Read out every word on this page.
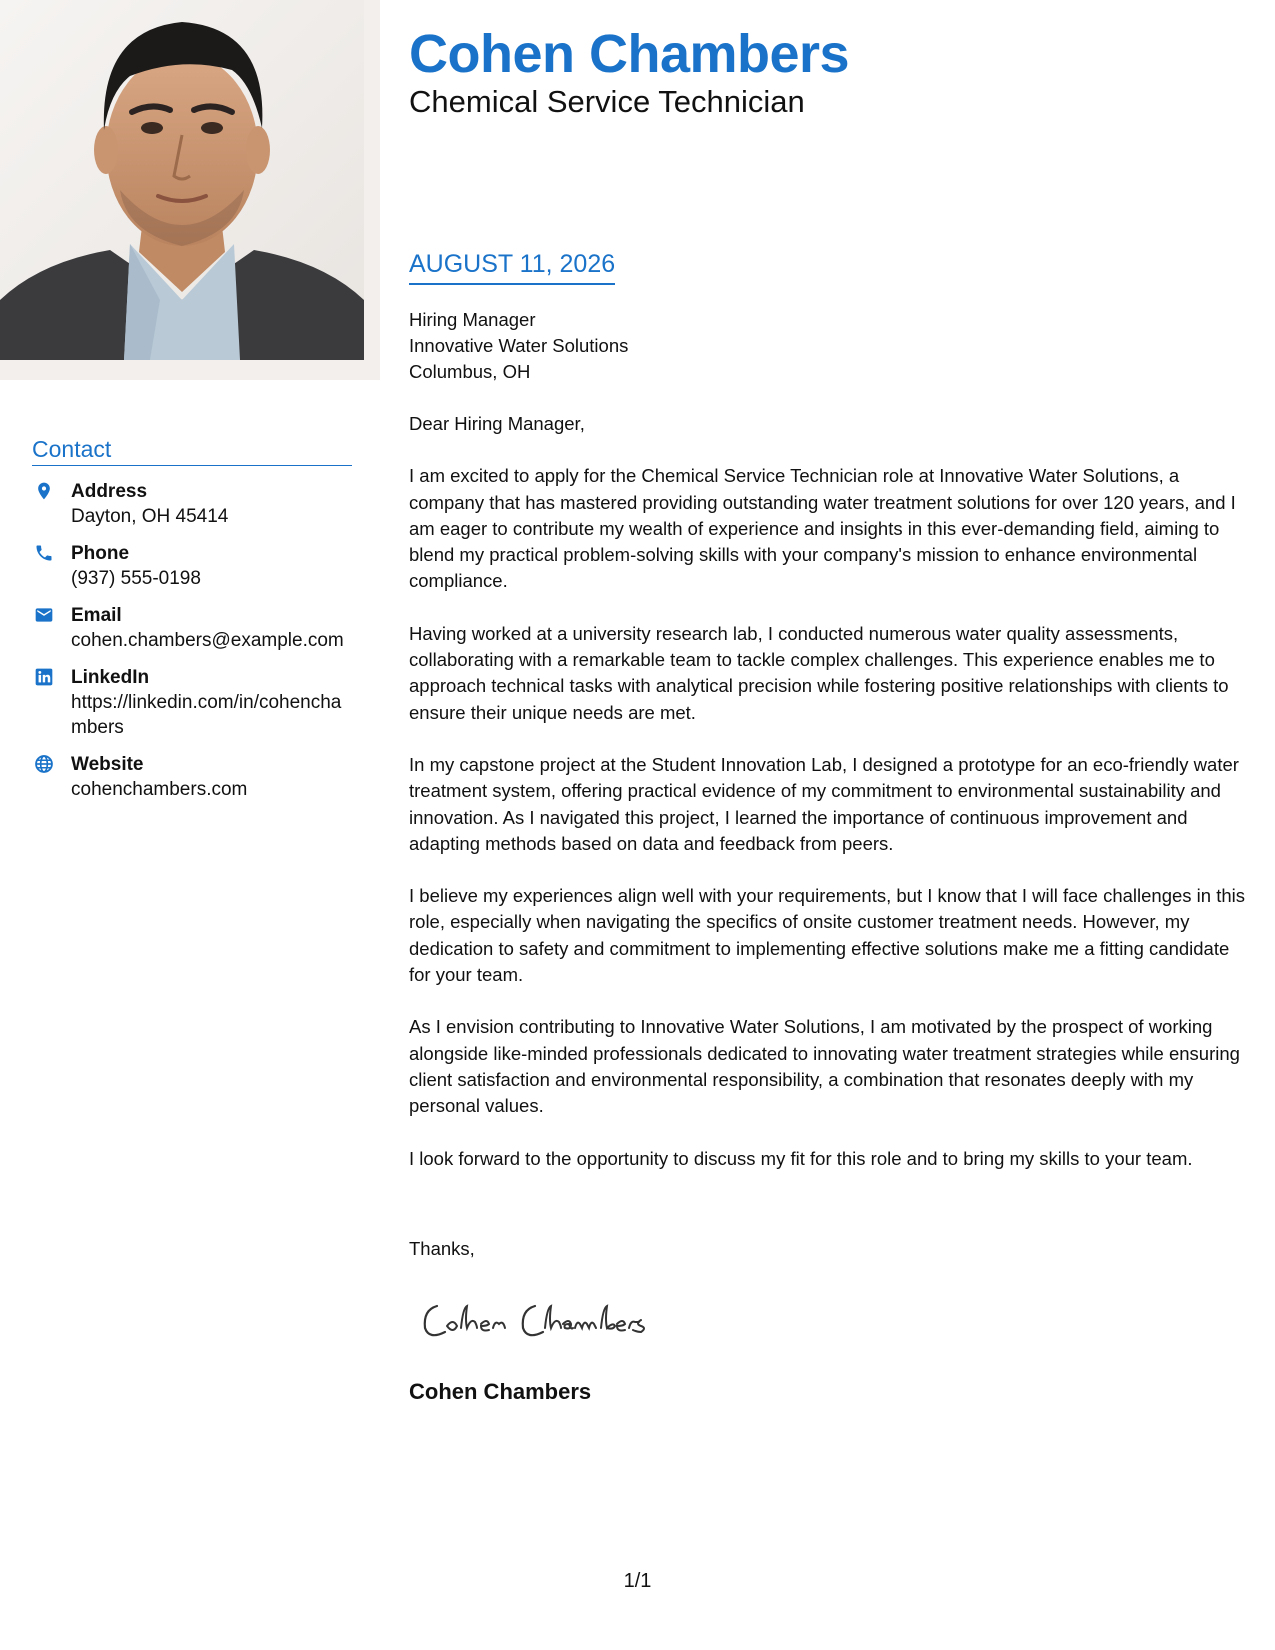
Contact
Address
Dayton, OH 45414
Phone
(937) 555-0198
Email
cohen.chambers@example.com
LinkedIn
https://linkedin.com/in/cohenchambers
Website
cohenchambers.com
Cohen Chambers
Chemical Service Technician
AUGUST 11, 2026
Hiring Manager
Innovative Water Solutions
Columbus, OH

Dear Hiring Manager,

I am excited to apply for the Chemical Service Technician role at Innovative Water Solutions, a company that has mastered providing outstanding water treatment solutions for over 120 years, and I am eager to contribute my wealth of experience and insights in this ever-demanding field, aiming to blend my practical problem-solving skills with your company's mission to enhance environmental compliance.

Having worked at a university research lab, I conducted numerous water quality assessments, collaborating with a remarkable team to tackle complex challenges. This experience enables me to approach technical tasks with analytical precision while fostering positive relationships with clients to ensure their unique needs are met.

In my capstone project at the Student Innovation Lab, I designed a prototype for an eco-friendly water treatment system, offering practical evidence of my commitment to environmental sustainability and innovation. As I navigated this project, I learned the importance of continuous improvement and adapting methods based on data and feedback from peers.

I believe my experiences align well with your requirements, but I know that I will face challenges in this role, especially when navigating the specifics of onsite customer treatment needs. However, my dedication to safety and commitment to implementing effective solutions make me a fitting candidate for your team.

As I envision contributing to Innovative Water Solutions, I am motivated by the prospect of working alongside like-minded professionals dedicated to innovating water treatment strategies while ensuring client satisfaction and environmental responsibility, a combination that resonates deeply with my personal values.

I look forward to the opportunity to discuss my fit for this role and to bring my skills to your team.

Thanks,
Cohen Chambers
1/1
